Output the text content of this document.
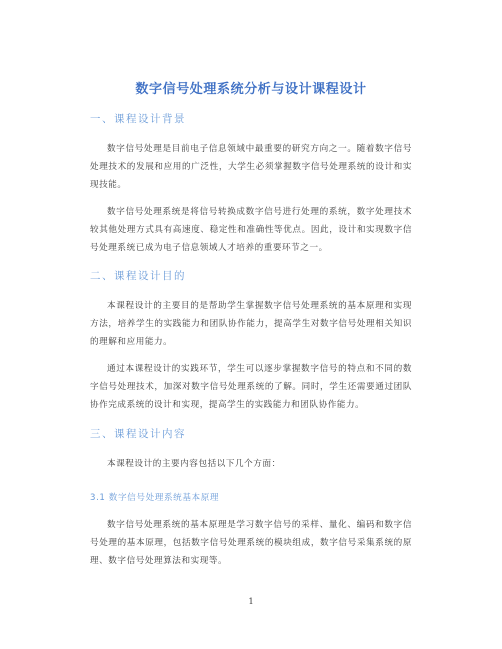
数字信号处理系统分析与设计课程设计
一、课程设计背景
数字信号处理是目前电子信息领域中最重要的研究方向之一。随着数字信号处理技术的发展和应用的广泛性，大学生必须掌握数字信号处理系统的设计和实现技能。
数字信号处理系统是将信号转换成数字信号进行处理的系统，数字处理技术较其他处理方式具有高速度、稳定性和准确性等优点。因此，设计和实现数字信号处理系统已成为电子信息领域人才培养的重要环节之一。
二、课程设计目的
本课程设计的主要目的是帮助学生掌握数字信号处理系统的基本原理和实现方法，培养学生的实践能力和团队协作能力，提高学生对数字信号处理相关知识的理解和应用能力。
通过本课程设计的实践环节，学生可以逐步掌握数字信号的特点和不同的数字信号处理技术，加深对数字信号处理系统的了解。同时，学生还需要通过团队协作完成系统的设计和实现，提高学生的实践能力和团队协作能力。
三、课程设计内容
本课程设计的主要内容包括以下几个方面：
3.1 数字信号处理系统基本原理
数字信号处理系统的基本原理是学习数字信号的采样、量化、编码和数字信号处理的基本原理，包括数字信号处理系统的模块组成，数字信号采集系统的原理、数字信号处理算法和实现等。
1
